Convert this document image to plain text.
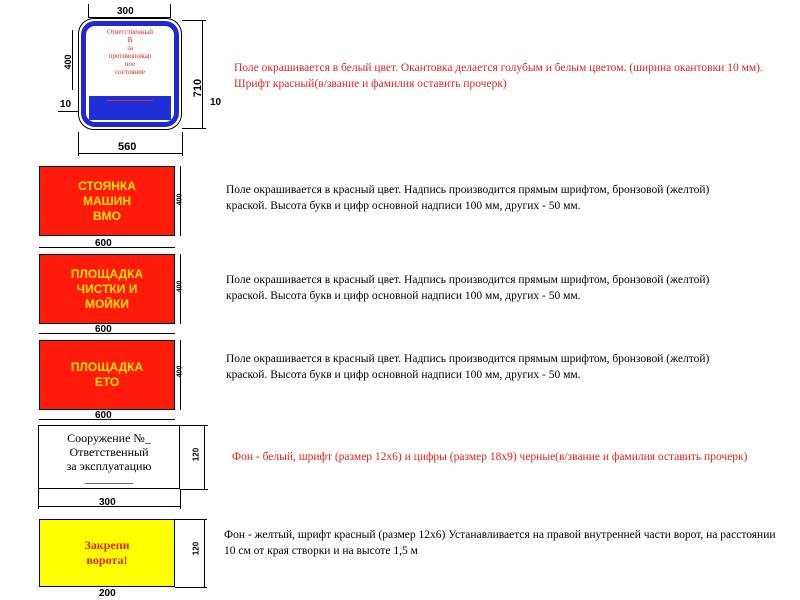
300
400
10
Ответственный
В
за
противопожар
ное
состояние
710
10
560
Поле окрашивается в белый цвет. Окантовка делается голубым и белым цветом. (ширина окантовки 10 мм). Шрифт красный(в/звание и фамилия оставить прочерк)
СТОЯНКА
МАШИН
ВМО
400
600
Поле окрашивается в красный цвет. Надпись производится прямым шрифтом, бронзовой (желтой) краской. Высота букв и цифр основной надписи 100 мм, других - 50 мм.
ПЛОЩАДКА
ЧИСТКИ И
МОЙКИ
400
600
Поле окрашивается в красный цвет. Надпись производится прямым шрифтом, бронзовой (желтой) краской. Высота букв и цифр основной надписи 100 мм, других - 50 мм.
ПЛОЩАДКА
ЕТО
400
600
Поле окрашивается в красный цвет. Надпись производится прямым шрифтом, бронзовой (желтой) краской. Высота букв и цифр основной надписи 100 мм, других - 50 мм.
Сооружение №_
Ответственный
за эксплуатацию
________
120
300
Фон - белый, шрифт (размер 12х6) и цифры (размер 18х9) черные(в/звание и фамилия оставить прочерк)
Закрепи
ворота!
120
200
Фон - желтый, шрифт красный (размер 12х6) Устанавливается на правой внутренней части ворот, на расстоянии 10 см от края створки и на высоте 1,5 м
